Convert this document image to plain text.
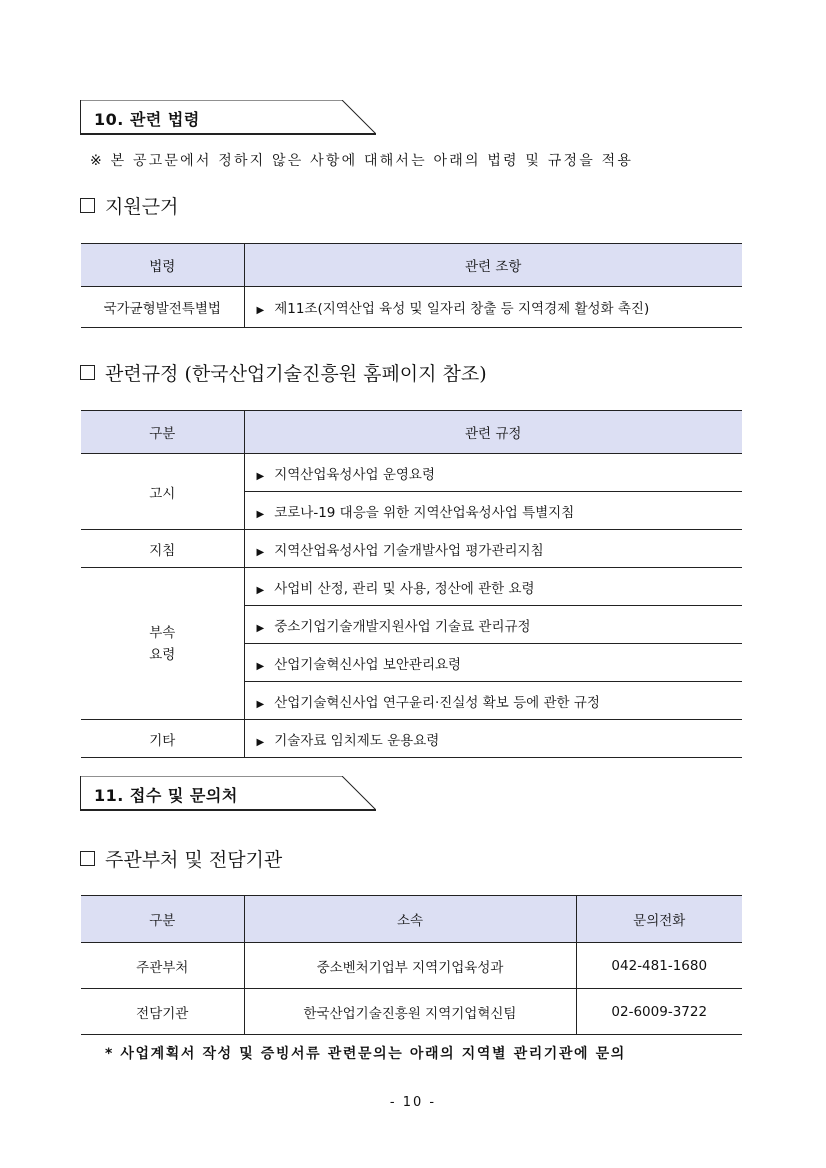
10. 관련 법령
※ 본 공고문에서 정하지 않은 사항에 대해서는 아래의 법령 및 규정을 적용
지원근거
법령	관련 조항
국가균형발전특별법	▶ 제11조(지역산업 육성 및 일자리 창출 등 지역경제 활성화 촉진)
관련규정 (한국산업기술진흥원 홈페이지 참조)
구분	관련 규정
고시	▶ 지역산업육성사업 운영요령
	▶ 코로나-19 대응을 위한 지역산업육성사업 특별지침
지침	▶ 지역산업육성사업 기술개발사업 평가관리지침
부속
요령	▶ 사업비 산정, 관리 및 사용, 정산에 관한 요령
	▶ 중소기업기술개발지원사업 기술료 관리규정
	▶ 산업기술혁신사업 보안관리요령
	▶ 산업기술혁신사업 연구윤리·진실성 확보 등에 관한 규정
기타	▶ 기술자료 임치제도 운용요령
11. 접수 및 문의처
주관부처 및 전담기관
구분	소속	문의전화
주관부처	중소벤처기업부 지역기업육성과	042-481-1680
전담기관	한국산업기술진흥원 지역기업혁신팀	02-6009-3722
* 사업계획서 작성 및 증빙서류 관련문의는 아래의 지역별 관리기관에 문의
- 10 -
